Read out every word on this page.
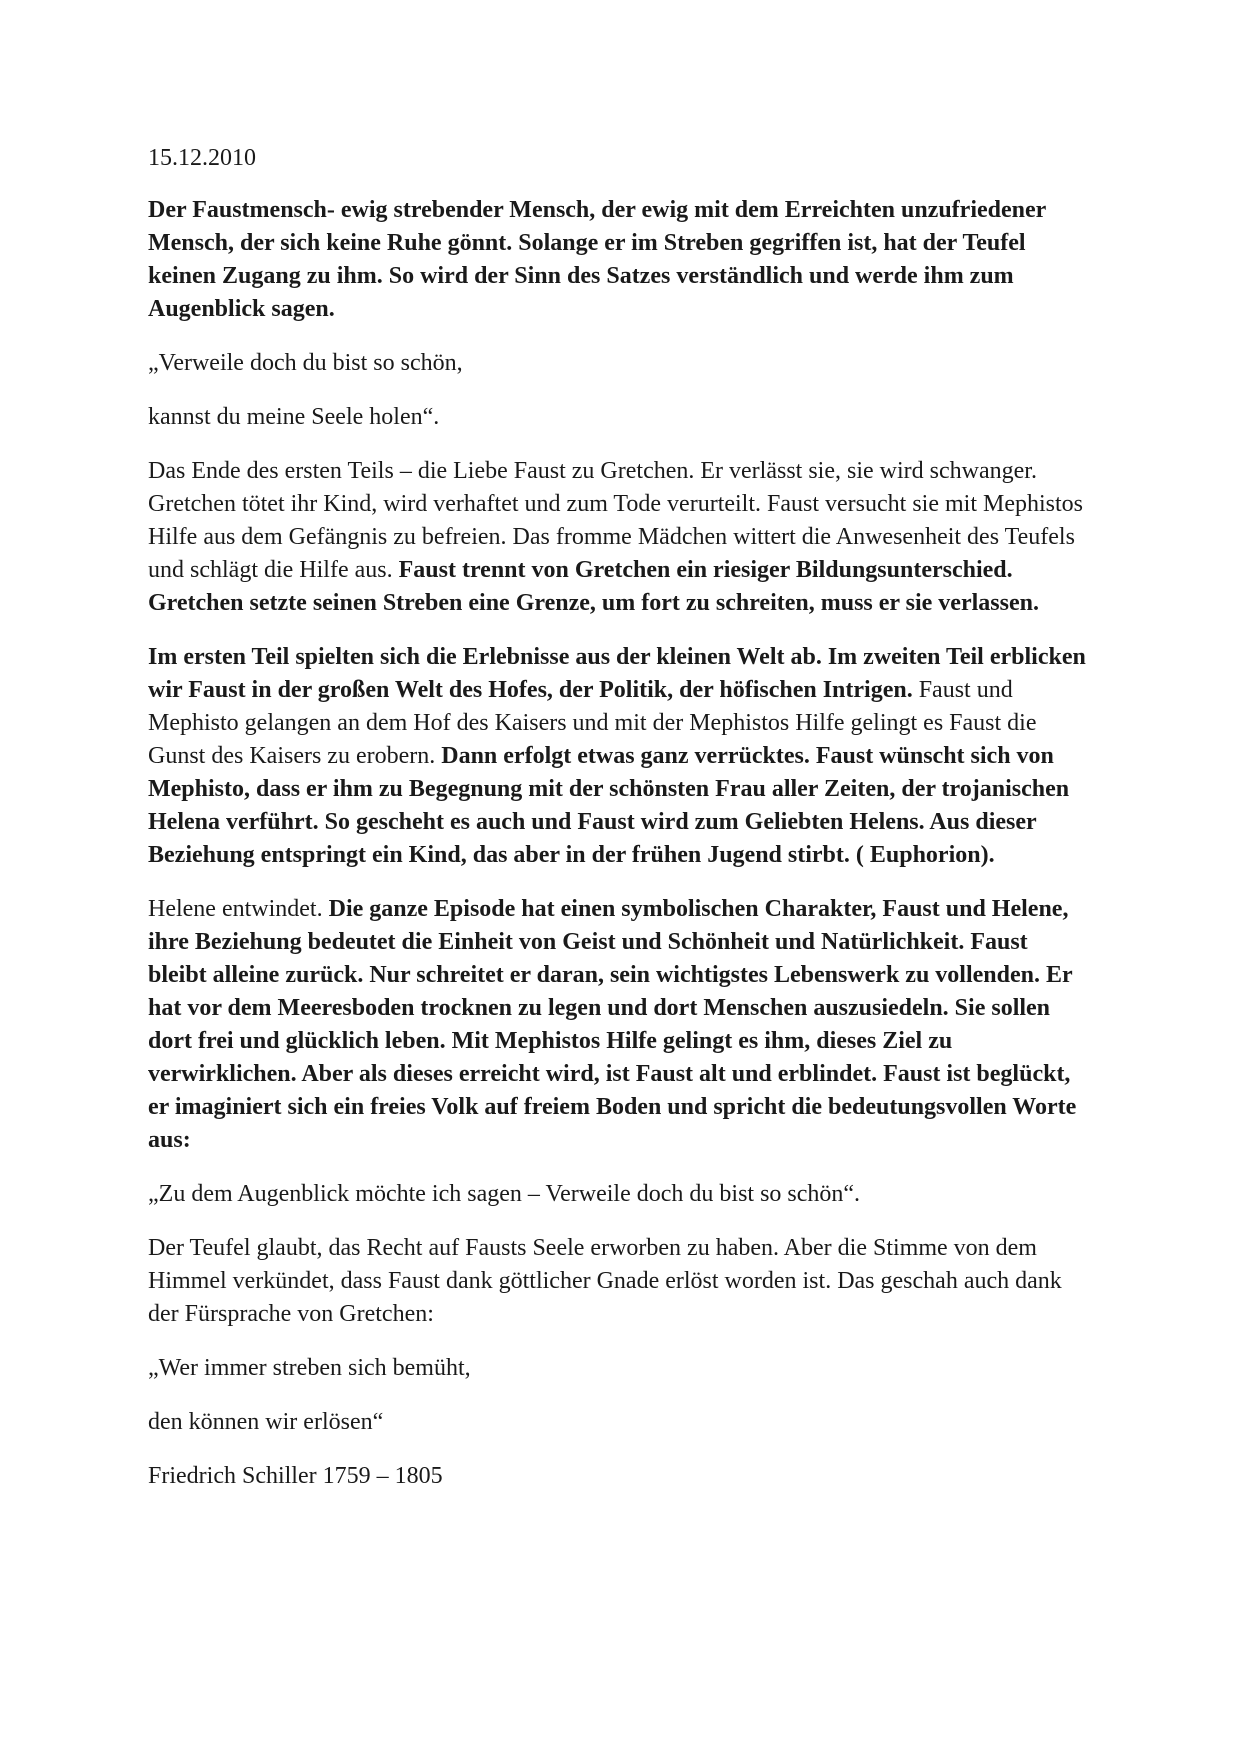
15.12.2010

Der Faustmensch- ewig strebender Mensch, der ewig mit dem Erreichten unzufriedener Mensch, der sich keine Ruhe gönnt. Solange er im Streben gegriffen ist, hat der Teufel keinen Zugang zu ihm. So wird der Sinn des Satzes verständlich und werde ihm zum Augenblick sagen.

„Verweile doch du bist so schön,

kannst du meine Seele holen“.

Das Ende des ersten Teils – die Liebe Faust zu Gretchen. Er verlässt sie, sie wird schwanger. Gretchen tötet ihr Kind, wird verhaftet und zum Tode verurteilt. Faust versucht sie mit Mephistos Hilfe aus dem Gefängnis zu befreien. Das fromme Mädchen wittert die Anwesenheit des Teufels und schlägt die Hilfe aus. Faust trennt von Gretchen ein riesiger Bildungsunterschied. Gretchen setzte seinen Streben eine Grenze, um fort zu schreiten, muss er sie verlassen.

Im ersten Teil spielten sich die Erlebnisse aus der kleinen Welt ab. Im zweiten Teil erblicken wir Faust in der großen Welt des Hofes, der Politik, der höfischen Intrigen. Faust und Mephisto gelangen an dem Hof des Kaisers und mit der Mephistos Hilfe gelingt es Faust die Gunst des Kaisers zu erobern. Dann erfolgt etwas ganz verrücktes. Faust wünscht sich von Mephisto, dass er ihm zu Begegnung mit der schönsten Frau aller Zeiten, der trojanischen Helena verführt. So gescheht es auch und Faust wird zum Geliebten Helens. Aus dieser Beziehung entspringt ein Kind, das aber in der frühen Jugend stirbt. ( Euphorion).

Helene entwindet. Die ganze Episode hat einen symbolischen Charakter, Faust und Helene, ihre Beziehung bedeutet die Einheit von Geist und Schönheit und Natürlichkeit. Faust bleibt alleine zurück. Nur schreitet er daran, sein wichtigstes Lebenswerk zu vollenden. Er hat vor dem Meeresboden trocknen zu legen und dort Menschen auszusiedeln. Sie sollen dort frei und glücklich leben. Mit Mephistos Hilfe gelingt es ihm, dieses Ziel zu verwirklichen. Aber als dieses erreicht wird, ist Faust alt und erblindet. Faust ist beglückt, er imaginiert sich ein freies Volk auf freiem Boden und spricht die bedeutungsvollen Worte aus:

„Zu dem Augenblick möchte ich sagen – Verweile doch du bist so schön“.

Der Teufel glaubt, das Recht auf Fausts Seele erworben zu haben. Aber die Stimme von dem Himmel verkündet, dass Faust dank göttlicher Gnade erlöst worden ist. Das geschah auch dank der Fürsprache von Gretchen:

„Wer immer streben sich bemüht,

den können wir erlösen“

Friedrich Schiller 1759 – 1805
